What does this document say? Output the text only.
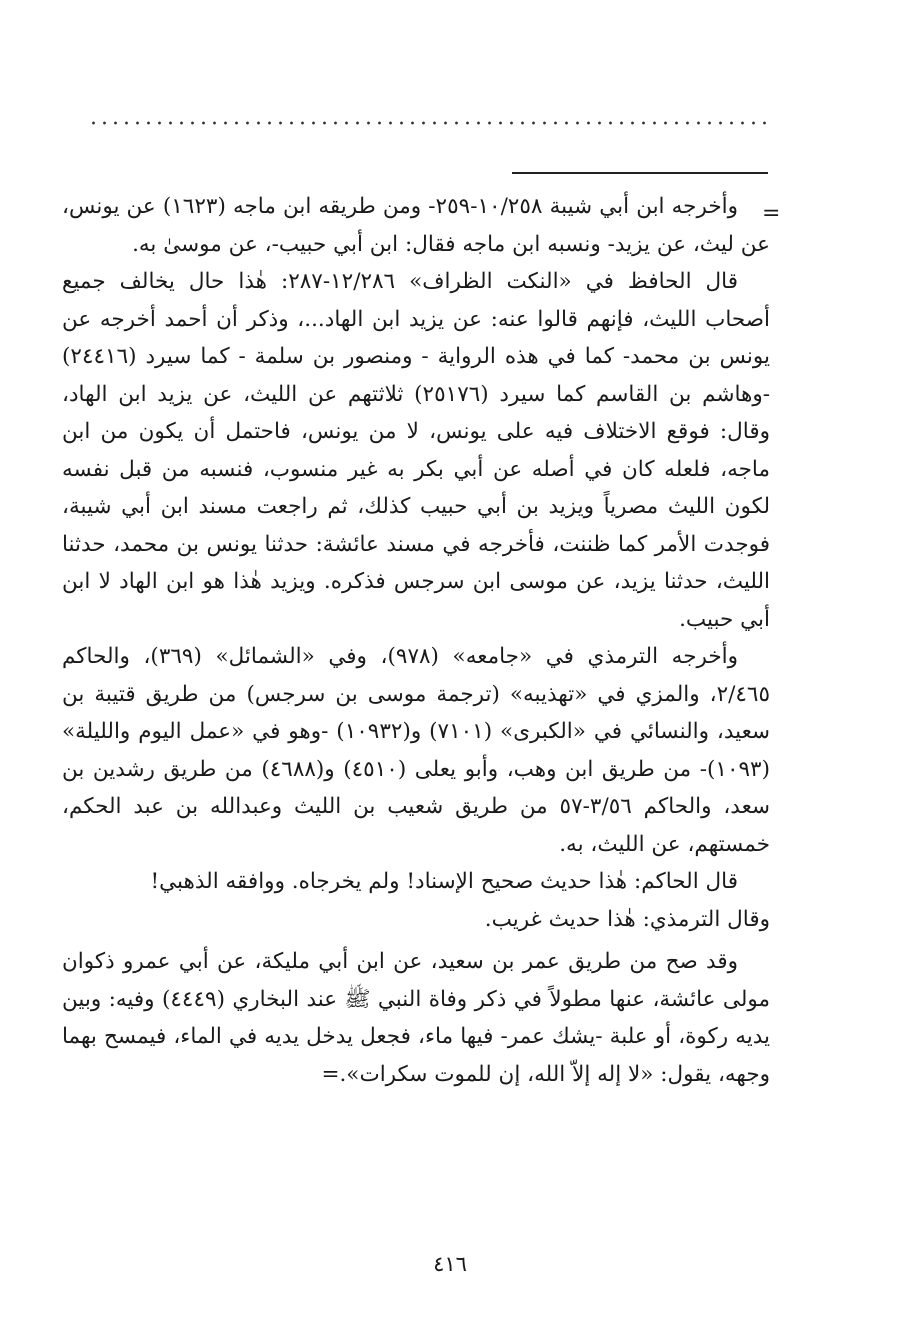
=

وأخرجه ابن أبي شيبة ١٠/٢٥٨-٢٥٩- ومن طريقه ابن ماجه (١٦٢٣) عن يونس، عن ليث، عن يزيد- ونسبه ابن ماجه فقال: ابن أبي حبيب-، عن موسىٰ به.

قال الحافظ في «النكت الظراف» ١٢/٢٨٦-٢٨٧: هٰذا حال يخالف جميع أصحاب الليث، فإنهم قالوا عنه: عن يزيد ابن الهاد...، وذكر أن أحمد أخرجه عن يونس بن محمد- كما في هذه الرواية - ومنصور بن سلمة - كما سيرد (٢٤٤١٦) -وهاشم بن القاسم كما سيرد (٢٥١٧٦) ثلاثتهم عن الليث، عن يزيد ابن الهاد، وقال: فوقع الاختلاف فيه على يونس، لا من يونس، فاحتمل أن يكون من ابن ماجه، فلعله كان في أصله عن أبي بكر به غير منسوب، فنسبه من قبل نفسه لكون الليث مصرياً ويزيد بن أبي حبيب كذلك، ثم راجعت مسند ابن أبي شيبة، فوجدت الأمر كما ظننت، فأخرجه في مسند عائشة: حدثنا يونس بن محمد، حدثنا الليث، حدثنا يزيد، عن موسى ابن سرجس فذكره. ويزيد هٰذا هو ابن الهاد لا ابن أبي حبيب.

وأخرجه الترمذي في «جامعه» (٩٧٨)، وفي «الشمائل» (٣٦٩)، والحاكم ٢/٤٦٥، والمزي في «تهذيبه» (ترجمة موسى بن سرجس) من طريق قتيبة بن سعيد، والنسائي في «الكبرى» (٧١٠١) و(١٠٩٣٢) -وهو في «عمل اليوم والليلة» (١٠٩٣)- من طريق ابن وهب، وأبو يعلى (٤٥١٠) و(٤٦٨٨) من طريق رشدين بن سعد، والحاكم ٣/٥٦-٥٧ من طريق شعيب بن الليث وعبدالله بن عبد الحكم، خمستهم، عن الليث، به.

قال الحاكم: هٰذا حديث صحيح الإسناد! ولم يخرجاه. ووافقه الذهبي!

وقال الترمذي: هٰذا حديث غريب.

وقد صح من طريق عمر بن سعيد، عن ابن أبي مليكة، عن أبي عمرو ذكوان مولى عائشة، عنها مطولاً في ذكر وفاة النبي ﷺ عند البخاري (٤٤٤٩) وفيه: وبين يديه ركوة، أو علبة -يشك عمر- فيها ماء، فجعل يدخل يديه في الماء، فيمسح بهما وجهه، يقول: «لا إله إلاّ الله، إن للموت سكرات».=

٤١٦
